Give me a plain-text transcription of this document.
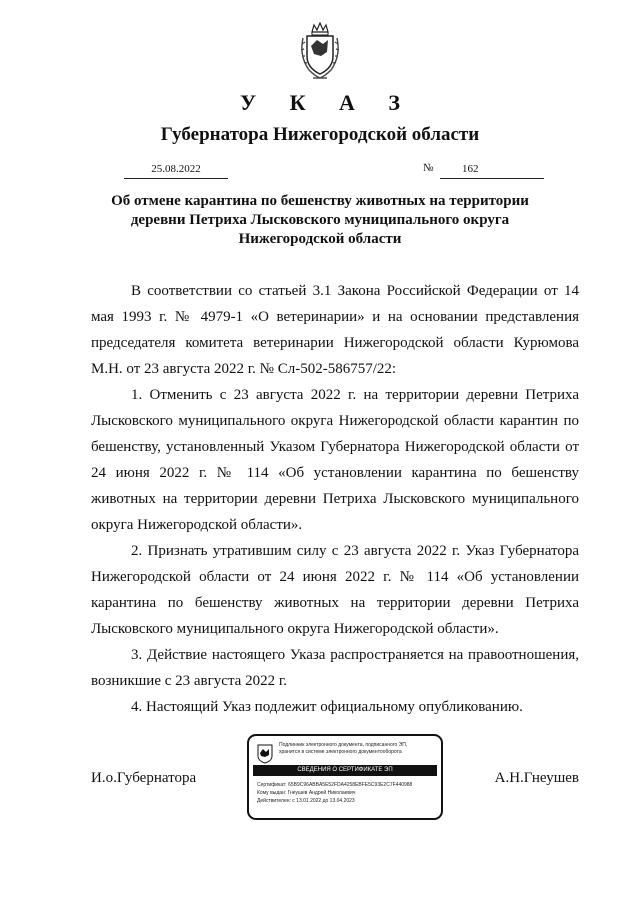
У К А З
Губернатора Нижегородской области
25.08.2022	№	162
Об отмене карантина по бешенству животных на территории
деревни Петриха Лысковского муниципального округа
Нижегородской области

В соответствии со статьей 3.1 Закона Российской Федерации от 14 мая 1993 г. № 4979-1 «О ветеринарии» и на основании представления председателя комитета ветеринарии Нижегородской области Курюмова М.Н. от 23 августа 2022 г. № Сл-502-586757/22:

1. Отменить с 23 августа 2022 г. на территории деревни Петриха Лысковского муниципального округа Нижегородской области карантин по бешенству, установленный Указом Губернатора Нижегородской области от 24 июня 2022 г. № 114 «Об установлении карантина по бешенству животных на территории деревни Петриха Лысковского муниципального округа Нижегородской области».

2. Признать утратившим силу с 23 августа 2022 г. Указ Губернатора Нижегородской области от 24 июня 2022 г. № 114 «Об установлении карантина по бешенству животных на территории деревни Петриха Лысковского муниципального округа Нижегородской области».

3. Действие настоящего Указа распространяется на правоотношения, возникшие с 23 августа 2022 г.

4. Настоящий Указ подлежит официальному опубликованию.

И.о.Губернатора	А.Н.Гнеушев
Подлинник электронного документа, подписанного ЭП,
хранится в системе электронного документооборота
СВЕДЕНИЯ О СЕРТИФИКАТЕ ЭП
Сертификат: 65B9C96ABBA5E52FDA4258EBFE5C93E2C7F440988
Кому выдан: Гнеушев Андрей Николаевич
Действителен: с 13.01.2022 до 13.04.2023
